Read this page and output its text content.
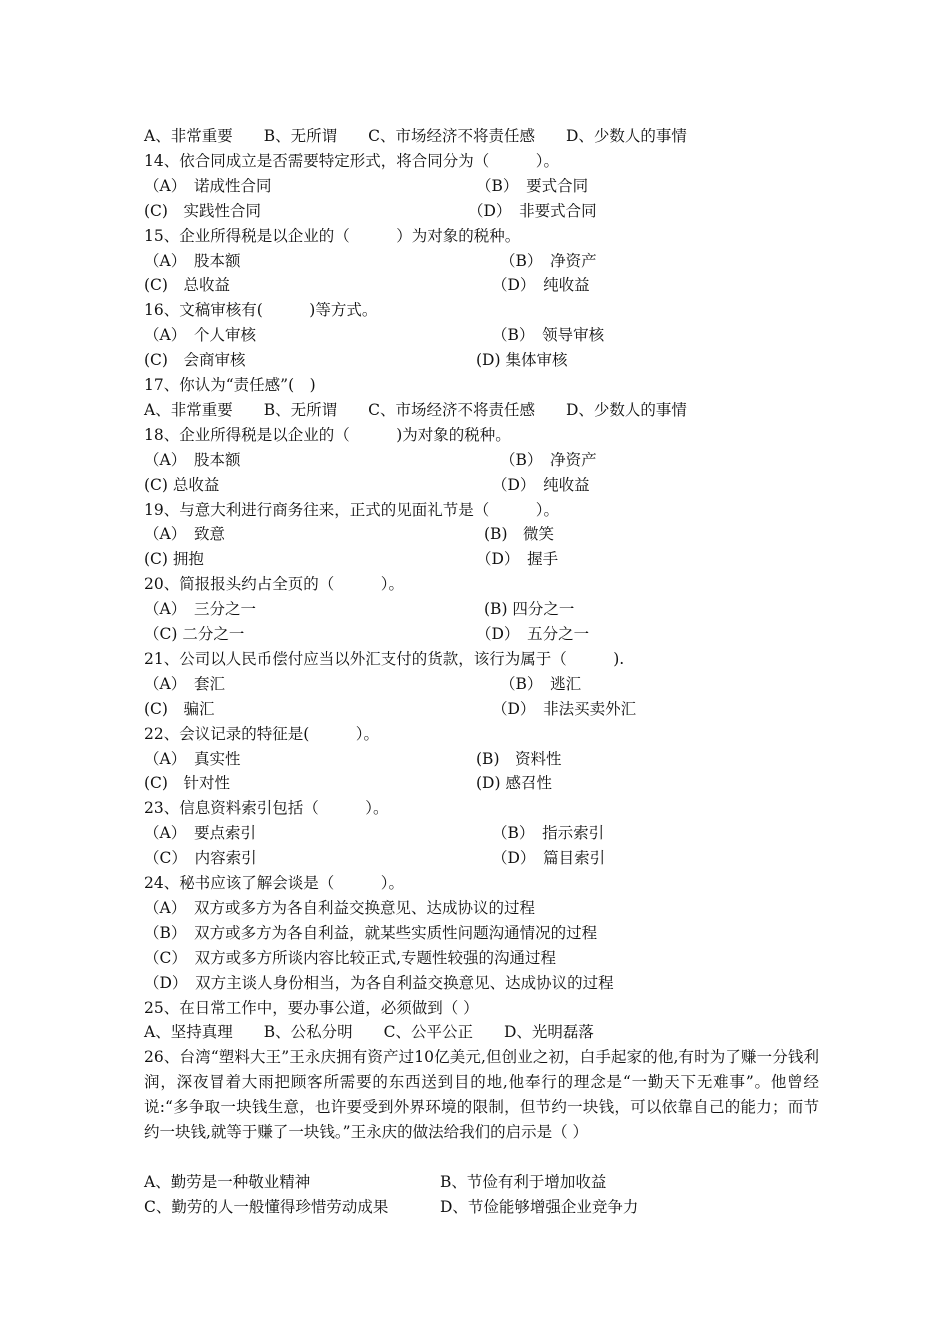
A、非常重要　　B、无所谓　　C、市场经济不将责任感　　D、少数人的事情
14、依合同成立是否需要特定形式，将合同分为（　　　）。
（A）　诺成性合同	（B）　要式合同
(C)　实践性合同	（D）　非要式合同
15、企业所得税是以企业的（　　　）为对象的税种。
（A）　股本额	（B）　净资产
(C)　总收益	（D）　纯收益
16、文稿审核有(　　　)等方式。
（A）　个人审核	（B）　领导审核
(C)　会商审核	(D) 集体审核
17、你认为“责任感”(　)
A、非常重要　　B、无所谓　　C、市场经济不将责任感　　D、少数人的事情
18、企业所得税是以企业的（　　　)为对象的税种。
（A）　股本额	（B）　净资产
(C) 总收益	（D）　纯收益
19、与意大利进行商务往来，正式的见面礼节是（　　　）。
（A）　致意	(B)　微笑
(C) 拥抱	（D）　握手
20、简报报头约占全页的（　　　）。
（A）　三分之一	(B) 四分之一
（C) 二分之一	（D）　五分之一
21、公司以人民币偿付应当以外汇支付的货款，该行为属于（　　　).
（A）　套汇	（B）　逃汇
(C)　骗汇	（D）　非法买卖外汇
22、会议记录的特征是(　　　）。
（A）　真实性	(B)　资料性
(C)　针对性	(D) 感召性
23、信息资料索引包括（　　　）。
（A）　要点索引	（B）　指示索引
（C）　内容索引	（D）　篇目索引
24、秘书应该了解会谈是（　　　）。
（A）　双方或多方为各自利益交换意见、达成协议的过程
（B）　双方或多方为各自利益，就某些实质性问题沟通情况的过程
（C）　双方或多方所谈内容比较正式,专题性较强的沟通过程
（D）　双方主谈人身份相当，为各自利益交换意见、达成协议的过程
25、在日常工作中，要办事公道，必须做到（ ）
A、坚持真理　　B、公私分明　　C、公平公正　　D、光明磊落
26、台湾“塑料大王”王永庆拥有资产过10亿美元,但创业之初，白手起家的他,有时为了赚一分钱利润，深夜冒着大雨把顾客所需要的东西送到目的地,他奉行的理念是“一勤天下无难事”。他曾经说:“多争取一块钱生意，也许要受到外界环境的限制，但节约一块钱，可以依靠自己的能力；而节约一块钱,就等于赚了一块钱。”王永庆的做法给我们的启示是（ ）
A、勤劳是一种敬业精神	B、节俭有利于增加收益
C、勤劳的人一般懂得珍惜劳动成果	D、节俭能够增强企业竞争力
